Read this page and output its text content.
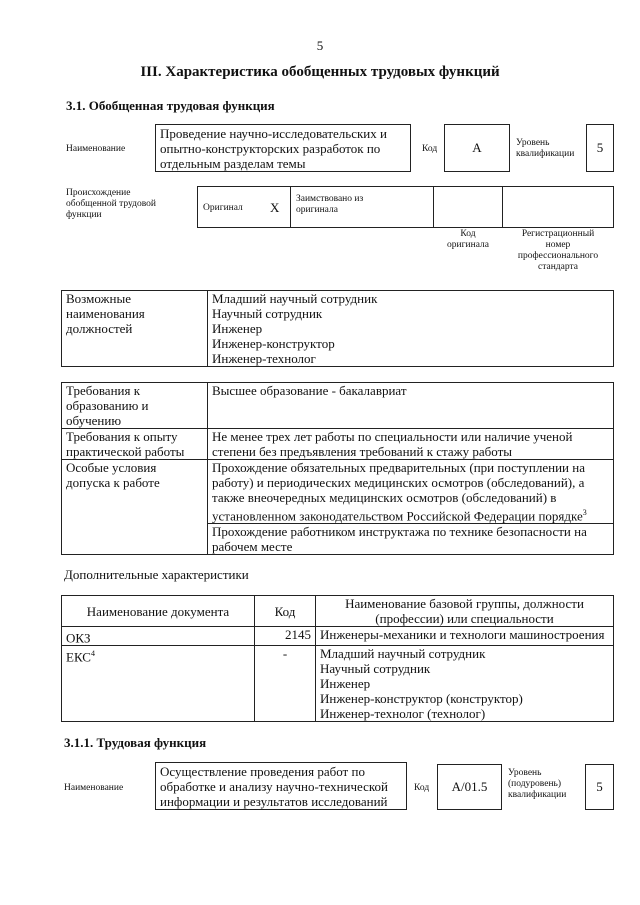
5
III. Характеристика обобщенных трудовых функций
3.1. Обобщенная трудовая функция
Наименование
Проведение научно-исследовательских и
опытно-конструкторских разработок по
отдельным разделам темы
Код	А	Уровень
квалификации	5
Происхождение
обобщенной трудовой
функции
Оригинал X
Заимствовано из
оригинала
Код
оригинала
Регистрационный
номер
профессионального
стандарта
Возможные
наименования
должностей	Младший научный сотрудник
Научный сотрудник
Инженер
Инженер-конструктор
Инженер-технолог
Требования к
образованию и
обучению	Высшее образование - бакалавриат
Требования к опыту
практической работы	Не менее трех лет работы по специальности или наличие ученой
степени без предъявления требований к стажу работы
Особые условия
допуска к работе	Прохождение обязательных предварительных (при поступлении на
работу) и периодических медицинских осмотров (обследований), а
также внеочередных медицинских осмотров (обследований) в
установленном законодательством Российской Федерации порядке$^3$
	Прохождение работником инструктажа по технике безопасности на
рабочем месте
Дополнительные характеристики
Наименование документа	Код	Наименование базовой группы, должности
(профессии) или специальности
ОКЗ	2145	Инженеры-механики и технологи машиностроения
ЕКС$^4$	-	Младший научный сотрудник
Научный сотрудник
Инженер
Инженер-конструктор (конструктор)
Инженер-технолог (технолог)
3.1.1. Трудовая функция
Наименование
Осуществление проведения работ по
обработке и анализу научно-технической
информации и результатов исследований
Код	А/01.5
Уровень
(подуровень)
квалификации
5
